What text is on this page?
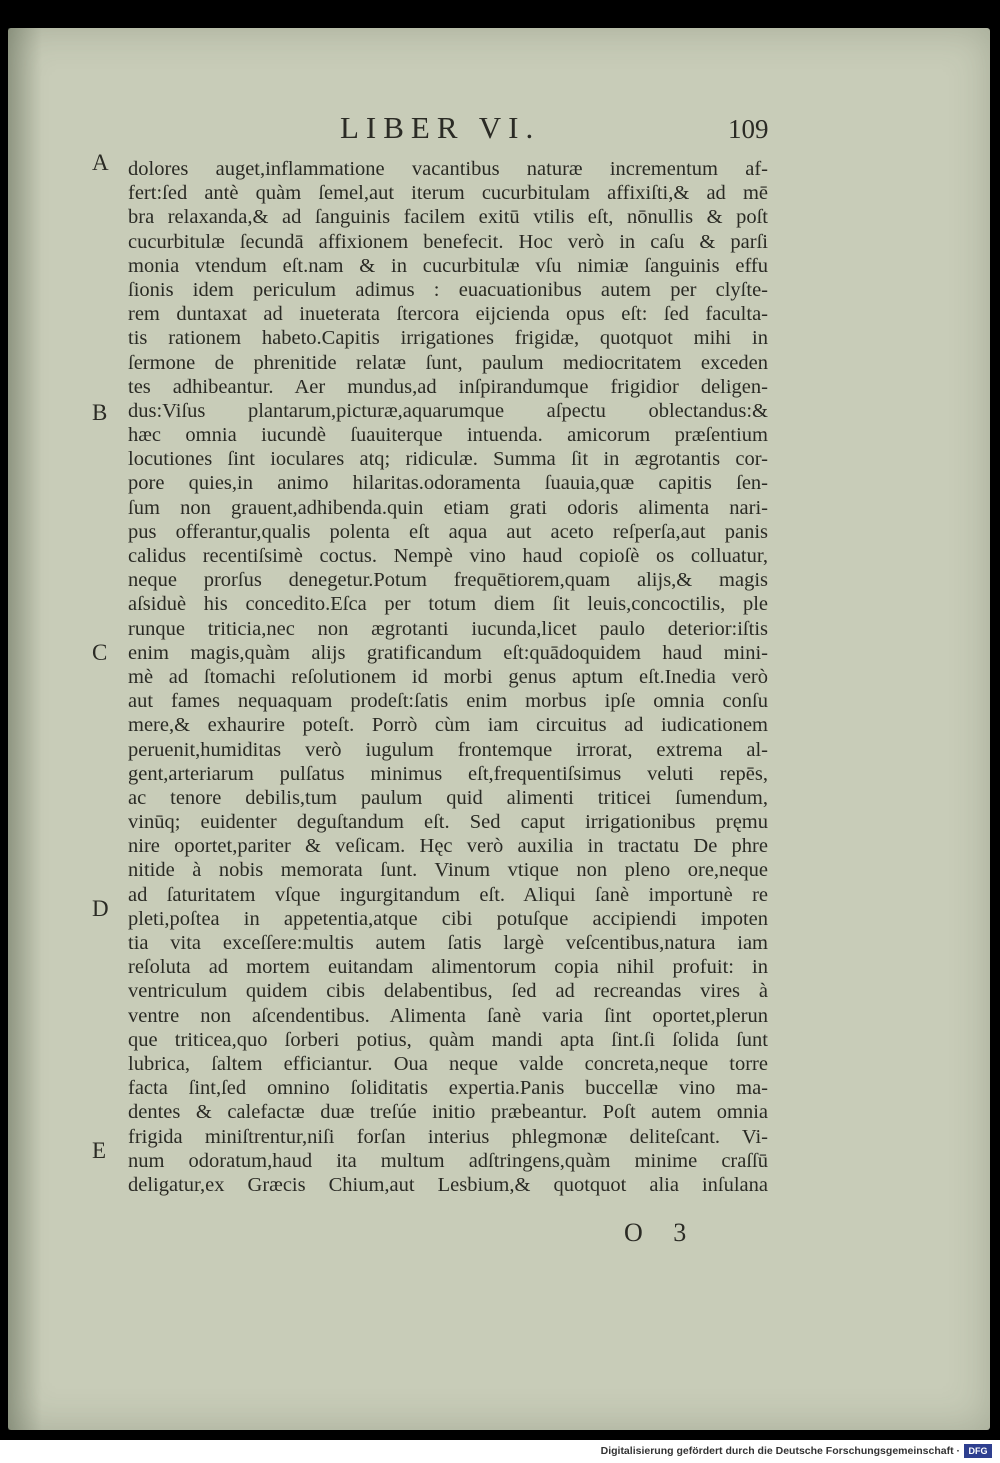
LIBER VI.	109
A
B
C
D
E
dolores auget,inflammatione vacantibus naturæ incrementum af-
fert:ſed antè quàm ſemel,aut iterum cucurbitulam affixiſti,& ad mē
bra relaxanda,& ad ſanguinis facilem exitū vtilis eſt, nōnullis & poſt
cucurbitulæ ſecundā affixionem benefecit. Hoc verò in caſu & parſi
monia vtendum eſt.nam & in cucurbitulæ vſu nimiæ ſanguinis effu
ſionis idem periculum adimus : euacuationibus autem per clyſte-
rem duntaxat ad inueterata ſtercora eijcienda opus eſt: ſed faculta-
tis rationem habeto.Capitis irrigationes frigidæ, quotquot mihi in
ſermone de phrenitide relatæ ſunt, paulum mediocritatem exceden
tes adhibeantur. Aer mundus,ad inſpirandumque frigidior deligen-
dus:Viſus plantarum,picturæ,aquarumque aſpectu oblectandus:&
hæc omnia iucundè ſuauiterque intuenda. amicorum præſentium
locutiones ſint ioculares atq; ridiculæ. Summa ſit in ægrotantis cor-
pore quies,in animo hilaritas.odoramenta ſuauia,quæ capitis ſen-
ſum non grauent,adhibenda.quin etiam grati odoris alimenta nari-
pus offerantur,qualis polenta eſt aqua aut aceto reſperſa,aut panis
calidus recentiſsimè coctus. Nempè vino haud copioſè os colluatur,
neque prorſus denegetur.Potum frequētiorem,quam alijs,& magis
aſsiduè his concedito.Eſca per totum diem ſit leuis,concoctilis, ple
runque triticia,nec non ægrotanti iucunda,licet paulo deterior:iſtis
enim magis,quàm alijs gratificandum eſt:quādoquidem haud mini-
mè ad ſtomachi reſolutionem id morbi genus aptum eſt.Inedia verò
aut fames nequaquam prodeſt:ſatis enim morbus ipſe omnia conſu
mere,& exhaurire poteſt. Porrò cùm iam circuitus ad iudicationem
peruenit,humiditas verò iugulum frontemque irrorat, extrema al-
gent,arteriarum pulſatus minimus eſt,frequentiſsimus veluti repēs,
ac tenore debilis,tum paulum quid alimenti triticei ſumendum,
vinūq; euidenter deguſtandum eſt. Sed caput irrigationibus pręmu
nire oportet,pariter & veſicam. Hęc verò auxilia in tractatu De phre
nitide à nobis memorata ſunt. Vinum vtique non pleno ore,neque
ad ſaturitatem vſque ingurgitandum eſt. Aliqui ſanè importunè re
pleti,poſtea in appetentia,atque cibi potuſque accipiendi impoten
tia vita exceſſere:multis autem ſatis largè veſcentibus,natura iam
reſoluta ad mortem euitandam alimentorum copia nihil profuit: in
ventriculum quidem cibis delabentibus, ſed ad recreandas vires à
ventre non aſcendentibus. Alimenta ſanè varia ſint oportet,plerun
que triticea,quo ſorberi potius, quàm mandi apta ſint.ſi ſolida ſunt
lubrica, ſaltem efficiantur. Oua neque valde concreta,neque torre
facta ſint,ſed omnino ſoliditatis expertia.Panis buccellæ vino ma-
dentes & calefactæ duæ treſúe initio præbeantur. Poſt autem omnia
frigida miniſtrentur,niſi forſan interius phlegmonæ deliteſcant. Vi-
num odoratum,haud ita multum adſtringens,quàm minime craſſū
deligatur,ex Græcis Chium,aut Lesbium,& quotquot alia inſulana
O 3
Digitalisierung gefördert durch die Deutsche Forschungsgemeinschaft · DFG
